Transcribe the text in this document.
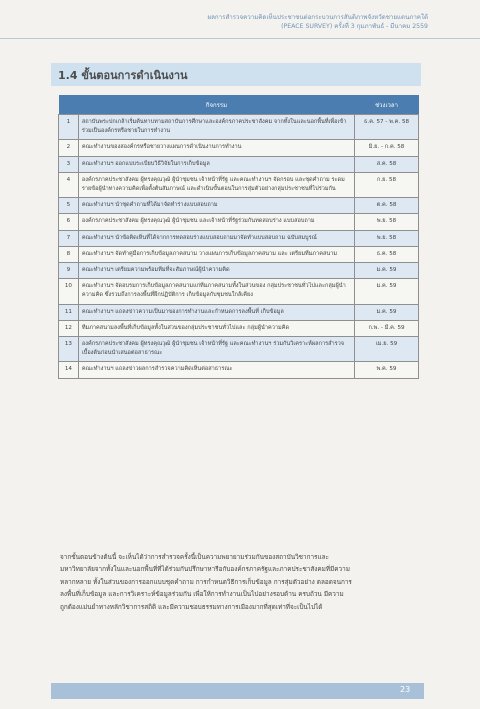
ผลการสำรวจความคิดเห็นประชาชนต่อกระบวนการสันติภาพจังหวัดชายแดนภาคใต้
(PEACE SURVEY) ครั้งที่ 3 กุมภาพันธ์ - มีนาคม 2559
1.4 ขั้นตอนการดำเนินงาน
	กิจกรรม	ช่วงเวลา
1	สถาบันพระปกเกล้าเริ่มต้นทาบทามสถาบันการศึกษาและองค์กรภาคประชาสังคม จากทั้งในและนอกพื้นที่เพื่อเข้าร่วมเป็นองค์กรหรือชายในการทำงาน	ธ.ค. 57 - พ.ค. 58
2	คณะทำงานของสองค์กรหรือชายวางแผนการดำเนินงานการทำงาน	มิ.ย. - ก.ค. 58
3	คณะทำงานฯ ออกแบบระเบียบวิธีวิจัยในการเก็บข้อมูล	ส.ค. 58
4	องค์กรภาคประชาสังคม ผู้ทรงคุณวุฒิ ผู้นำชุมชน เจ้าหน้าที่รัฐ และคณะทำงานฯ จัดกรอบ และชุดคำถาม ระดมรายข้อผู้นำทางความคิดเพื่อตั้งต้นสัมภาษณ์ และดำเนินขั้นตอนในการสุ่มตัวอย่างกลุ่มประชาชนที่ไปร่วมกัน	ก.ย. 58
5	คณะทำงานฯ นำชุดคำถามที่ได้มาจัดทำร่างแบบสอบถาม	ต.ค. 58
6	องค์กรภาคประชาสังคม ผู้ทรงคุณวุฒิ ผู้นำชุมชน และเจ้าหน้าที่รัฐร่วมกันทดสอบร่าง แบบสอบถาม	พ.ย. 58
7	คณะทำงานฯ นำข้อคิดเห็นที่ได้จากการทดสอบร่างแบบสอบถามมาจัดทำแบบสอบถาม ฉบับสมบูรณ์	พ.ย. 58
8	คณะทำงานฯ จัดทำคู่มือการเก็บข้อมูลภาคสนาม วางแผนการเก็บข้อมูลภาคสนาม และ เตรียมทีมภาคสนาม	ธ.ค. 58
9	คณะทำงานฯ เตรียมความพร้อมทีมที่จะสัมภาษณ์ผู้นำความคิด	ม.ค. 59
10	คณะทำงานฯ จัดอบรมการเก็บข้อมูลภาคสนามแก่ทีมภาคสนามทั้งในส่วนของ กลุ่มประชาชนทั่วไปและกลุ่มผู้นำความคิด ซึ่งรวมถึงการลงพื้นที่ฝึกปฏิบัติการ เก็บข้อมูลกับชุมชนใกล้เคียง	ม.ค. 59
11	คณะทำงานฯ แถลงข่าวความเป็นมาของการทำงานและกำหนดการลงพื้นที่ เก็บข้อมูล	ม.ค. 59
12	ทีมภาคสนามลงพื้นที่เก็บข้อมูลทั้งในส่วนของกลุ่มประชาชนทั่วไปและ กลุ่มผู้นำความคิด	ก.พ. - มี.ค. 59
13	องค์กรภาคประชาสังคม ผู้ทรงคุณวุฒิ ผู้นำชุมชน เจ้าหน้าที่รัฐ และคณะทำงานฯ ร่วมกันวิเคราะห์ผลการสำรวจเบื้องต้นก่อนนำเสนอต่อสาธารณะ	เม.ย. 59
14	คณะทำงานฯ แถลงข่าวผลการสำรวจความคิดเห็นต่อสาธารณะ	พ.ค. 59
จากขั้นตอนข้างต้นนี้ จะเห็นได้ว่าการสำรวจครั้งนี้เป็นความพยายามร่วมกันของสถาบันวิชาการและ
มหาวิทยาลัยจากทั้งในและนอกพื้นที่ที่ได้ร่วมกันปรึกษาหารือกับองค์กรภาครัฐและภาคประชาสังคมที่มีความ
หลากหลาย ทั้งในส่วนของการออกแบบชุดคำถาม การกำหนดวิธีการเก็บข้อมูล การสุ่มตัวอย่าง ตลอดจนการ
ลงพื้นที่เก็บข้อมูล และการวิเคราะห์ข้อมูลร่วมกัน เพื่อให้การทำงานเป็นไปอย่างรอบด้าน ครบถ้วน มีความ
ถูกต้องแม่นยำทางหลักวิชาการสถิติ และมีความชอบธรรมทางการเมืองมากที่สุดเท่าที่จะเป็นไปได้
23
